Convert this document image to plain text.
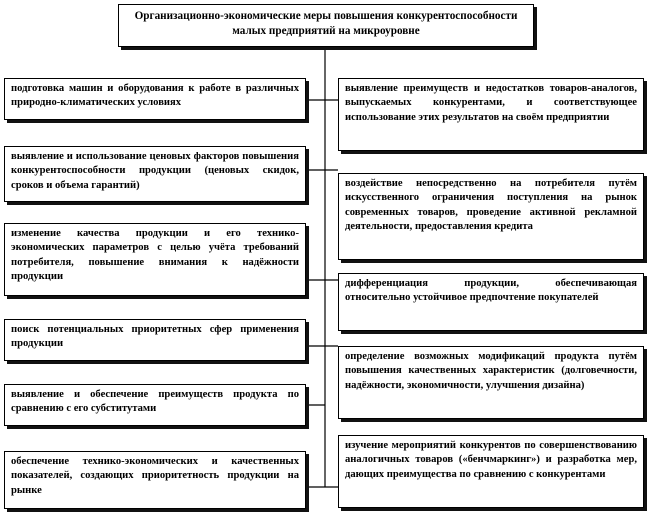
Организационно-экономические меры повышения конкурентоспособности малых предприятий на микроуровне
подготовка машин и оборудования к работе в различных природно-климатических условиях
выявление и использование ценовых факторов повышения конкурентоспособности продукции (ценовых скидок, сроков и объема гарантий)
изменение качества продукции и его технико-экономических параметров с целью учёта требований потребителя, повышение внимания к надёжности продукции
поиск потенциальных приоритетных сфер применения продукции
выявление и обеспечение преимуществ продукта по сравнению с его субститутами
обеспечение технико-экономических и качественных показателей, создающих приоритетность продукции на рынке
выявление преимуществ и недостатков товаров-аналогов, выпускаемых конкурентами, и соответствующее использование этих результатов на своём предприятии
воздействие непосредственно на потребителя путём искусственного ограничения поступления на рынок современных товаров, проведение активной рекламной деятельности, предоставления кредита
дифференциация продукции, обеспечивающая относительно устойчивое предпочтение покупателей
определение возможных модификаций продукта путём повышения качественных характеристик (долговечности, надёжности, экономичности, улучшения дизайна)
изучение мероприятий конкурентов по совершенствованию аналогичных товаров («бенчмаркинг») и разработка мер, дающих преимущества по сравнению с конкурентами
